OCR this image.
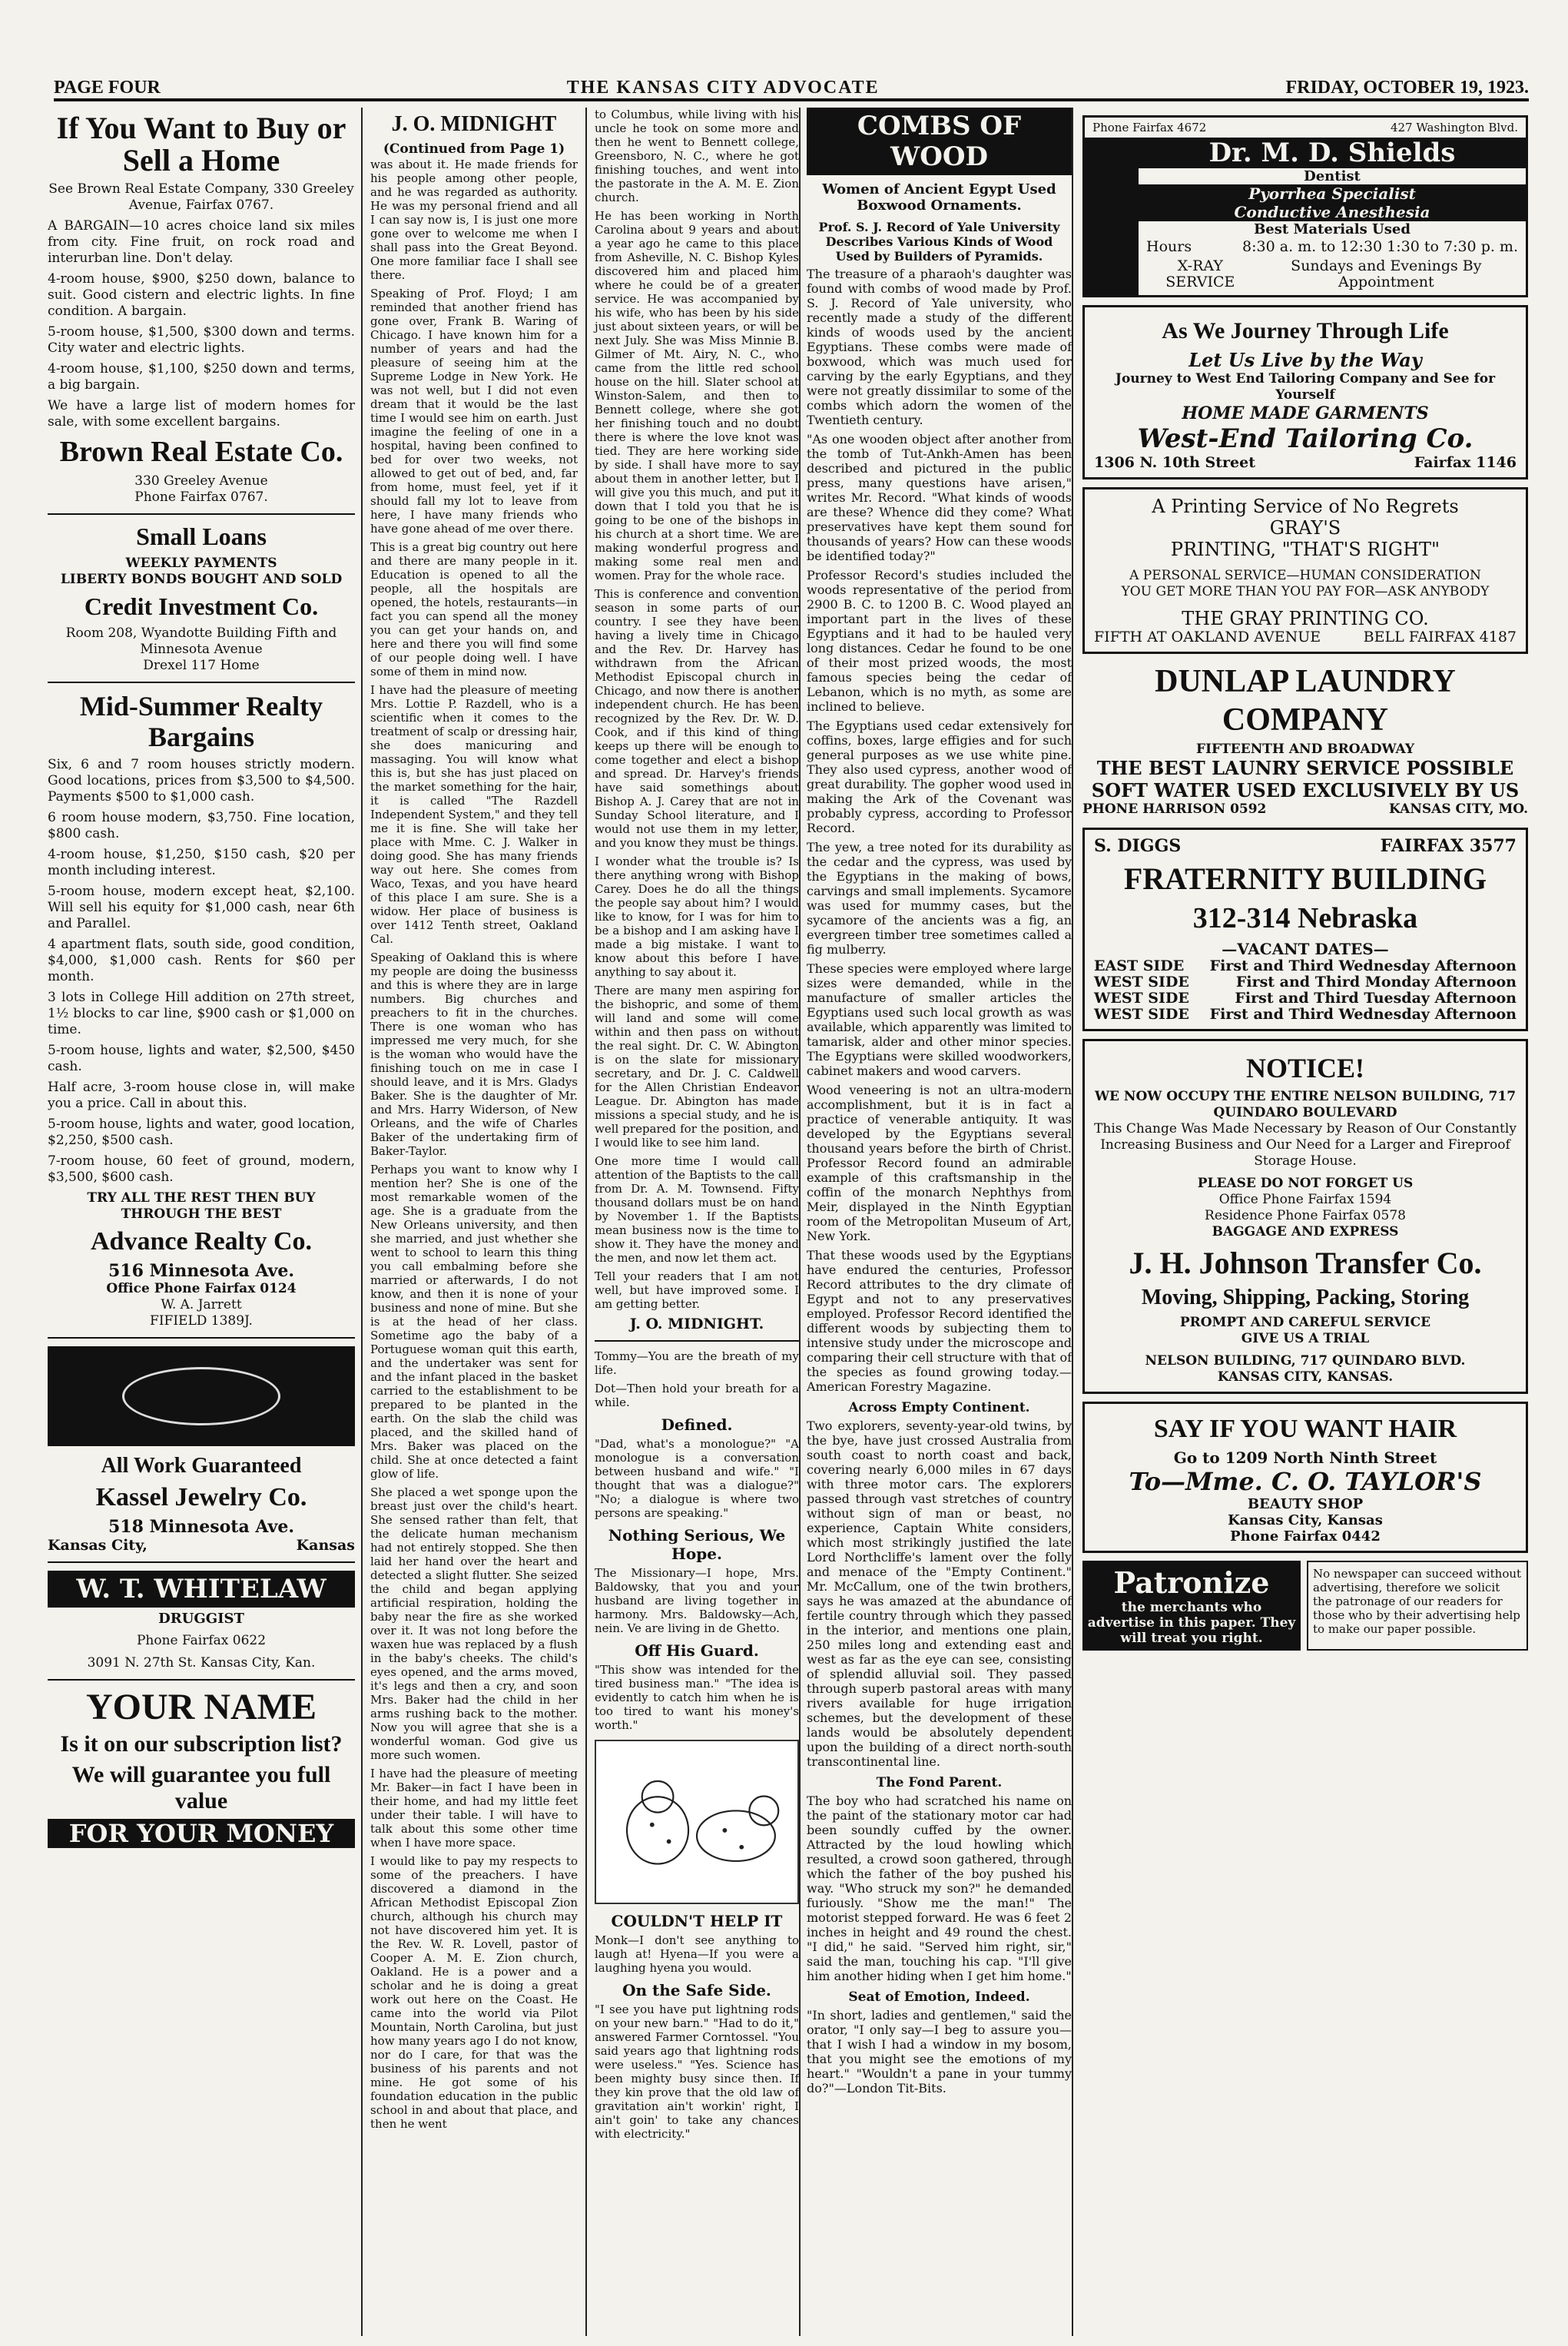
PAGE FOUR	THE KANSAS CITY ADVOCATE	FRIDAY, OCTOBER 19, 1923.
If You Want to Buy or Sell a Home

See Brown Real Estate Company, 330 Greeley Avenue, Fairfax 0767.

A BARGAIN—10 acres choice land six miles from city. Fine fruit, on rock road and interurban line. Don't delay.

4-room house, $900, $250 down, balance to suit. Good cistern and electric lights. In fine condition. A bargain.

5-room house, $1,500, $300 down and terms. City water and electric lights.

4-room house, $1,100, $250 down and terms, a big bargain.

We have a large list of modern homes for sale, with some excellent bargains.

Brown Real Estate Co.
330 Greeley Avenue
Phone Fairfax 0767.
Small Loans
WEEKLY PAYMENTS
LIBERTY BONDS BOUGHT AND SOLD
Credit Investment Co.
Room 208, Wyandotte Building Fifth and Minnesota Avenue
Drexel 117 Home
Mid-Summer Realty Bargains

Six, 6 and 7 room houses strictly modern. Good locations, prices from $3,500 to $4,500. Payments $500 to $1,000 cash.

6 room house modern, $3,750. Fine location, $800 cash.

4-room house, $1,250, $150 cash, $20 per month including interest.

5-room house, modern except heat, $2,100. Will sell his equity for $1,000 cash, near 6th and Parallel.

4 apartment flats, south side, good condition, $4,000, $1,000 cash. Rents for $60 per month.

3 lots in College Hill addition on 27th street, 1½ blocks to car line, $900 cash or $1,000 on time.

5-room house, lights and water, $2,500, $450 cash.

Half acre, 3-room house close in, will make you a price. Call in about this.

5-room house, lights and water, good location, $2,250, $500 cash.

7-room house, 60 feet of ground, modern, $3,500, $600 cash.

TRY ALL THE REST THEN BUY THROUGH THE BEST
Advance Realty Co.
516 Minnesota Ave.
Office Phone Fairfax 0124
W. A. Jarrett
FIFIELD 1389J.
All Work Guaranteed
Kassel Jewelry Co.
518 Minnesota Ave.
Kansas City,	Kansas
W. T. WHITELAW
DRUGGIST
Phone Fairfax 0622
3091 N. 27th St. Kansas City, Kan.
YOUR NAME
Is it on our subscription list?
We will guarantee you full value
FOR YOUR MONEY
J. O. MIDNIGHT
(Continued from Page 1)

was about it. He made friends for his people among other people, and he was regarded as authority. He was my personal friend and all I can say now is, I is just one more gone over to welcome me when I shall pass into the Great Beyond. One more familiar face I shall see there.

Speaking of Prof. Floyd; I am reminded that another friend has gone over, Frank B. Waring of Chicago. I have known him for a number of years and had the pleasure of seeing him at the Supreme Lodge in New York. He was not well, but I did not even dream that it would be the last time I would see him on earth. Just imagine the feeling of one in a hospital, having been confined to bed for over two weeks, not allowed to get out of bed, and, far from home, must feel, yet if it should fall my lot to leave from here, I have many friends who have gone ahead of me over there.

This is a great big country out here and there are many people in it. Education is opened to all the people, all the hospitals are opened, the hotels, restaurants—in fact you can spend all the money you can get your hands on, and here and there you will find some of our people doing well. I have some of them in mind now.

I have had the pleasure of meeting Mrs. Lottie P. Razdell, who is a scientific when it comes to the treatment of scalp or dressing hair, she does manicuring and massaging. You will know what this is, but she has just placed on the market something for the hair, it is called "The Razdell Independent System," and they tell me it is fine. She will take her place with Mme. C. J. Walker in doing good. She has many friends way out here. She comes from Waco, Texas, and you have heard of this place I am sure. She is a widow. Her place of business is over 1412 Tenth street, Oakland Cal.

Speaking of Oakland this is where my people are doing the businesss and this is where they are in large numbers. Big churches and preachers to fit in the churches. There is one woman who has impressed me very much, for she is the woman who would have the finishing touch on me in case I should leave, and it is Mrs. Gladys Baker. She is the daughter of Mr. and Mrs. Harry Widerson, of New Orleans, and the wife of Charles Baker of the undertaking firm of Baker-Taylor.

Perhaps you want to know why I mention her? She is one of the most remarkable women of the age. She is a graduate from the New Orleans university, and then she married, and just whether she went to school to learn this thing you call embalming before she married or afterwards, I do not know, and then it is none of your business and none of mine. But she is at the head of her class. Sometime ago the baby of a Portuguese woman quit this earth, and the undertaker was sent for and the infant placed in the basket carried to the establishment to be prepared to be planted in the earth. On the slab the child was placed, and the skilled hand of Mrs. Baker was placed on the child. She at once detected a faint glow of life.

She placed a wet sponge upon the breast just over the child's heart. She sensed rather than felt, that the delicate human mechanism had not entirely stopped. She then laid her hand over the heart and detected a slight flutter. She seized the child and began applying artificial respiration, holding the baby near the fire as she worked over it. It was not long before the waxen hue was replaced by a flush in the baby's cheeks. The child's eyes opened, and the arms moved, it's legs and then a cry, and soon Mrs. Baker had the child in her arms rushing back to the mother. Now you will agree that she is a wonderful woman. God give us more such women.

I have had the pleasure of meeting Mr. Baker—in fact I have been in their home, and had my little feet under their table. I will have to talk about this some other time when I have more space.

I would like to pay my respects to some of the preachers. I have discovered a diamond in the African Methodist Episcopal Zion church, although his church may not have discovered him yet. It is the Rev. W. R. Lovell, pastor of Cooper A. M. E. Zion church, Oakland. He is a power and a scholar and he is doing a great work out here on the Coast. He came into the world via Pilot Mountain, North Carolina, but just how many years ago I do not know, nor do I care, for that was the business of his parents and not mine. He got some of his foundation education in the public school in and about that place, and then he went

to Columbus, while living with his uncle he took on some more and then he went to Bennett college, Greensboro, N. C., where he got finishing touches, and went into the pastorate in the A. M. E. Zion church.

He has been working in North Carolina about 9 years and about a year ago he came to this place from Asheville, N. C. Bishop Kyles discovered him and placed him where he could be of a greater service. He was accompanied by his wife, who has been by his side just about sixteen years, or will be next July. She was Miss Minnie B. Gilmer of Mt. Airy, N. C., who came from the little red school house on the hill. Slater school at Winston-Salem, and then to Bennett college, where she got her finishing touch and no doubt there is where the love knot was tied. They are here working side by side. I shall have more to say about them in another letter, but I will give you this much, and put it down that I told you that he is going to be one of the bishops in his church at a short time. We are making wonderful progress and making some real men and women. Pray for the whole race.

This is conference and convention season in some parts of our country. I see they have been having a lively time in Chicago and the Rev. Dr. Harvey has withdrawn from the African Methodist Episcopal church in Chicago, and now there is another independent church. He has been recognized by the Rev. Dr. W. D. Cook, and if this kind of thing keeps up there will be enough to come together and elect a bishop and spread. Dr. Harvey's friends have said somethings about Bishop A. J. Carey that are not in Sunday School literature, and I would not use them in my letter, and you know they must be things.

I wonder what the trouble is? Is there anything wrong with Bishop Carey. Does he do all the things the people say about him? I would like to know, for I was for him to be a bishop and I am asking have I made a big mistake. I want to know about this before I have anything to say about it.

There are many men aspiring for the bishopric, and some of them will land and some will come within and then pass on without the real sight. Dr. C. W. Abington is on the slate for missionary secretary, and Dr. J. C. Caldwell for the Allen Christian Endeavor League. Dr. Abington has made missions a special study, and he is well prepared for the position, and I would like to see him land.

One more time I would call attention of the Baptists to the call from Dr. A. M. Townsend. Fifty thousand dollars must be on hand by November 1. If the Baptists mean business now is the time to show it. They have the money and the men, and now let them act.

Tell your readers that I am not well, but have improved some. I am getting better.

J. O. MIDNIGHT.

Tommy—You are the breath of my life.

Dot—Then hold your breath for a while.

Defined.

"Dad, what's a monologue?" "A monologue is a conversation between husband and wife." "I thought that was a dialogue?" "No; a dialogue is where two persons are speaking."

Nothing Serious, We Hope.

The Missionary—I hope, Mrs. Baldowsky, that you and your husband are living together in harmony. Mrs. Baldowsky—Ach, nein. Ve are living in de Ghetto.

Off His Guard.

"This show was intended for the tired business man." "The idea is evidently to catch him when he is too tired to want his money's worth."

COULDN'T HELP IT

Monk—I don't see anything to laugh at! Hyena—If you were a laughing hyena you would.

On the Safe Side.

"I see you have put lightning rods on your new barn." "Had to do it," answered Farmer Corntossel. "You said years ago that lightning rods were useless." "Yes. Science has been mighty busy since then. If they kin prove that the old law of gravitation ain't workin' right, I ain't goin' to take any chances with electricity."

Phone Fairfax 4672	427 Washington Blvd.
Dr. M. D. Shields
Dentist
Pyorrhea Specialist
Conductive Anesthesia
Best Materials Used
Hours	8:30 a. m. to 12:30 1:30 to 7:30 p. m.
X-RAY SERVICE
Sundays and Evenings By Appointment
As We Journey Through Life
Let Us Live by the Way
Journey to West End Tailoring Company and See for Yourself
HOME MADE GARMENTS
West-End Tailoring Co.
1306 N. 10th Street	Fairfax 1146
A Printing Service of No Regrets
GRAY'S
PRINTING, "THAT'S RIGHT"
A PERSONAL SERVICE—HUMAN CONSIDERATION
YOU GET MORE THAN YOU PAY FOR—ASK ANYBODY
THE GRAY PRINTING CO.
FIFTH AT OAKLAND AVENUE	BELL FAIRFAX 4187
DUNLAP LAUNDRY
COMPANY
FIFTEENTH AND BROADWAY
THE BEST LAUNRY SERVICE POSSIBLE
SOFT WATER USED EXCLUSIVELY BY US
PHONE HARRISON 0592	KANSAS CITY, MO.
S. DIGGS	FAIRFAX 3577
FRATERNITY BUILDING
312-314 Nebraska
—VACANT DATES—
EAST SIDE First and Third Wednesday Afternoon
WEST SIDE	First and Third Monday Afternoon
WEST SIDE	First and Third Tuesday Afternoon
WEST SIDE First and Third Wednesday Afternoon
NOTICE!
WE NOW OCCUPY THE ENTIRE NELSON BUILDING, 717 QUINDARO BOULEVARD
This Change Was Made Necessary by Reason of Our Constantly Increasing Business and Our Need for a Larger and Fireproof Storage House.
PLEASE DO NOT FORGET US
Office Phone Fairfax 1594
Residence Phone Fairfax 0578
BAGGAGE AND EXPRESS
J. H. Johnson Transfer Co.
Moving, Shipping, Packing, Storing
PROMPT AND CAREFUL SERVICE
GIVE US A TRIAL
NELSON BUILDING, 717 QUINDARO BLVD.
KANSAS CITY, KANSAS.
SAY IF YOU WANT HAIR
Go to 1209 North Ninth Street
To—Mme. C. O. TAYLOR'S
BEAUTY SHOP
Kansas City, Kansas
Phone Fairfax 0442
Patronize
the merchants who advertise in this paper. They will treat you right.
No newspaper can succeed without advertising, therefore we solicit the patronage of our readers for those who by their advertising help to make our paper possible.
COMBS OF WOOD
Women of Ancient Egypt Used Boxwood Ornaments.
Prof. S. J. Record of Yale University Describes Various Kinds of Wood Used by Builders of Pyramids.

The treasure of a pharaoh's daughter was found with combs of wood made by Prof. S. J. Record of Yale university, who recently made a study of the different kinds of woods used by the ancient Egyptians. These combs were made of boxwood, which was much used for carving by the early Egyptians, and they were not greatly dissimilar to some of the combs which adorn the women of the Twentieth century.

"As one wooden object after another from the tomb of Tut-Ankh-Amen has been described and pictured in the public press, many questions have arisen," writes Mr. Record. "What kinds of woods are these? Whence did they come? What preservatives have kept them sound for thousands of years? How can these woods be identified today?"

Professor Record's studies included the woods representative of the period from 2900 B. C. to 1200 B. C. Wood played an important part in the lives of these Egyptians and it had to be hauled very long distances. Cedar he found to be one of their most prized woods, the most famous species being the cedar of Lebanon, which is no myth, as some are inclined to believe.

The Egyptians used cedar extensively for coffins, boxes, large effigies and for such general purposes as we use white pine. They also used cypress, another wood of great durability. The gopher wood used in making the Ark of the Covenant was probably cypress, according to Professor Record.

The yew, a tree noted for its durability as the cedar and the cypress, was used by the Egyptians in the making of bows, carvings and small implements. Sycamore was used for mummy cases, but the sycamore of the ancients was a fig, an evergreen timber tree sometimes called a fig mulberry.

These species were employed where large sizes were demanded, while in the manufacture of smaller articles the Egyptians used such local growth as was available, which apparently was limited to tamarisk, alder and other minor species. The Egyptians were skilled woodworkers, cabinet makers and wood carvers.

Wood veneering is not an ultra-modern accomplishment, but it is in fact a practice of venerable antiquity. It was developed by the Egyptians several thousand years before the birth of Christ. Professor Record found an admirable example of this craftsmanship in the coffin of the monarch Nephthys from Meir, displayed in the Ninth Egyptian room of the Metropolitan Museum of Art, New York.

That these woods used by the Egyptians have endured the centuries, Professor Record attributes to the dry climate of Egypt and not to any preservatives employed. Professor Record identified the different woods by subjecting them to intensive study under the microscope and comparing their cell structure with that of the species as found growing today.—American Forestry Magazine.

Across Empty Continent.

Two explorers, seventy-year-old twins, by the bye, have just crossed Australia from south coast to north coast and back, covering nearly 6,000 miles in 67 days with three motor cars. The explorers passed through vast stretches of country without sign of man or beast, no experience, Captain White considers, which most strikingly justified the late Lord Northcliffe's lament over the folly and menace of the "Empty Continent." Mr. McCallum, one of the twin brothers, says he was amazed at the abundance of fertile country through which they passed in the interior, and mentions one plain, 250 miles long and extending east and west as far as the eye can see, consisting of splendid alluvial soil. They passed through superb pastoral areas with many rivers available for huge irrigation schemes, but the development of these lands would be absolutely dependent upon the building of a direct north-south transcontinental line.

The Fond Parent.

The boy who had scratched his name on the paint of the stationary motor car had been soundly cuffed by the owner. Attracted by the loud howling which resulted, a crowd soon gathered, through which the father of the boy pushed his way. "Who struck my son?" he demanded furiously. "Show me the man!" The motorist stepped forward. He was 6 feet 2 inches in height and 49 round the chest. "I did," he said. "Served him right, sir," said the man, touching his cap. "I'll give him another hiding when I get him home."

Seat of Emotion, Indeed.

"In short, ladies and gentlemen," said the orator, "I only say—I beg to assure you—that I wish I had a window in my bosom, that you might see the emotions of my heart." "Wouldn't a pane in your tummy do?"—London Tit-Bits.
